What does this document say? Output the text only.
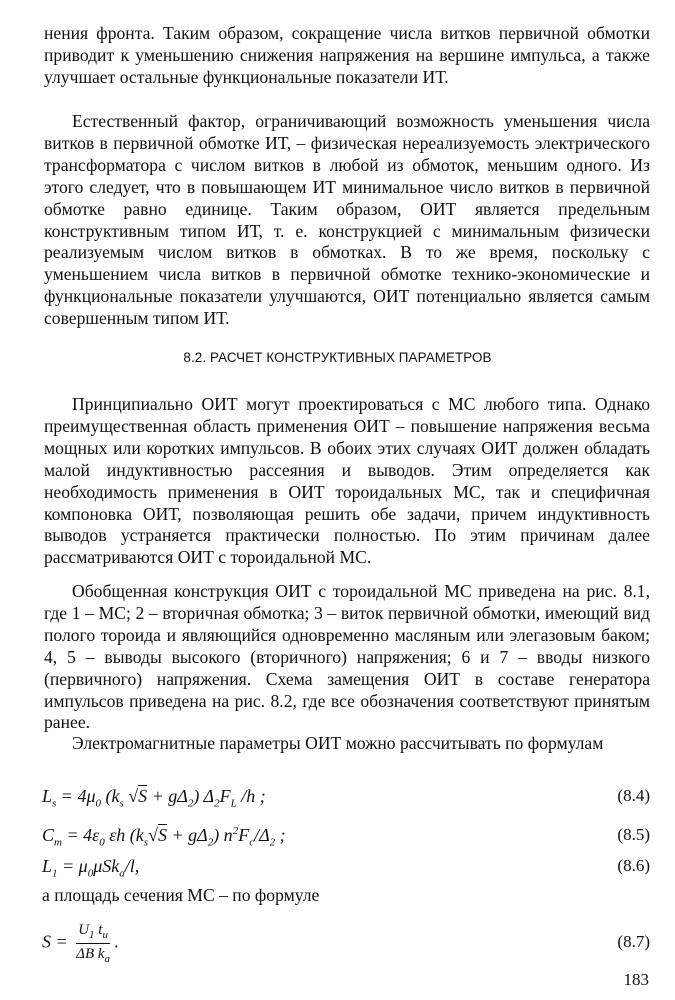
нения фронта. Таким образом, сокращение числа витков первичной обмотки приводит к уменьшению снижения напряжения на вершине импульса, а также улучшает остальные функциональные показатели ИТ.

Естественный фактор, ограничивающий возможность уменьшения числа витков в первичной обмотке ИТ, – физическая нереализуемость электрического трансформатора с числом витков в любой из обмоток, меньшим одного. Из этого следует, что в повышающем ИТ минимальное число витков в первичной обмотке равно единице. Таким образом, ОИТ является предельным конструктивным типом ИТ, т. е. конструкцией с минимальным физически реализуемым числом витков в обмотках. В то же время, поскольку с уменьшением числа витков в первичной обмотке технико-экономические и функциональные показатели улучшаются, ОИТ потенциально является самым совершенным типом ИТ.

8.2. РАСЧЕТ КОНСТРУКТИВНЫХ ПАРАМЕТРОВ

Принципиально ОИТ могут проектироваться с МС любого типа. Однако преимущественная область применения ОИТ – повышение напряжения весьма мощных или коротких импульсов. В обоих этих случаях ОИТ должен обладать малой индуктивностью рассеяния и выводов. Этим определяется как необходимость применения в ОИТ тороидальных МС, так и специфичная компоновка ОИТ, позволяющая решить обе задачи, причем индуктивность выводов устраняется практически полностью. По этим причинам далее рассматриваются ОИТ с тороидальной МС.

Обобщенная конструкция ОИТ с тороидальной МС приведена на рис. 8.1, где 1 – МС; 2 – вторичная обмотка; 3 – виток первичной обмотки, имеющий вид полого тороида и являющийся одновременно масляным или элегазовым баком; 4, 5 – выводы высокого (вторичного) напряжения; 6 и 7 – вводы низкого (первичного) напряжения. Схема замещения ОИТ в составе генератора импульсов приведена на рис. 8.2, где все обозначения соответствуют принятым ранее.

Электромагнитные параметры ОИТ можно рассчитывать по формулам

$L_s = 4\mu_0$ ($k_s$ $√S + g\Delta_2$) $\Delta_2F_L$ /h ;	(8.4)
$C_т = 4\varepsilon_0$ εh $(k_s√S + g\Delta_2)$ $n^2F_c/\Delta_2$ ;	(8.5)
$L_1 = \mu_0\mu Sk_a/l$,	(8.6)

а площадь сечения МС – по формуле

$S = \frac{U_1 t_и}{\Delta B k_a}$ .	(8.7)
183
